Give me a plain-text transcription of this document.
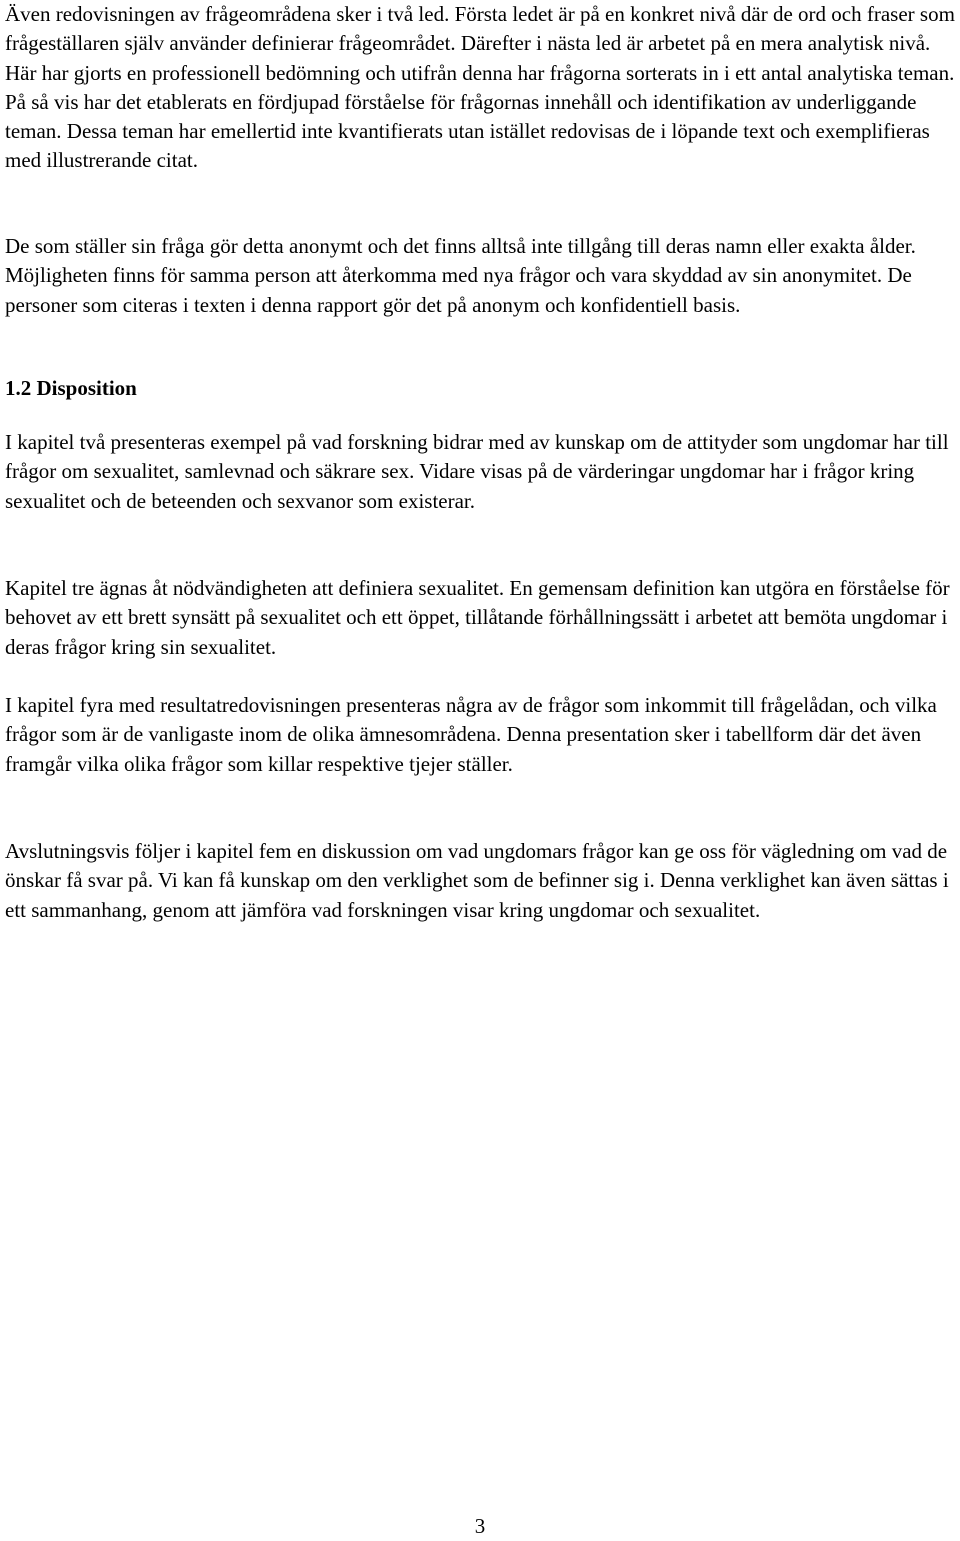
Även redovisningen av frågeområdena sker i två led. Första ledet är på en konkret nivå där de ord och fraser som frågeställaren själv använder definierar frågeområdet. Därefter i nästa led är arbetet på en mera analytisk nivå. Här har gjorts en professionell bedömning och utifrån denna har frågorna sorterats in i ett antal analytiska teman. På så vis har det etablerats en fördjupad förståelse för frågornas innehåll och identifikation av underliggande teman. Dessa teman har emellertid inte kvantifierats utan istället redovisas de i löpande text och exemplifieras med illustrerande citat.

De som ställer sin fråga gör detta anonymt och det finns alltså inte tillgång till deras namn eller exakta ålder. Möjligheten finns för samma person att återkomma med nya frågor och vara skyddad av sin anonymitet. De personer som citeras i texten i denna rapport gör det på anonym och konfidentiell basis.

1.2 Disposition

I kapitel två presenteras exempel på vad forskning bidrar med av kunskap om de attityder som ungdomar har till frågor om sexualitet, samlevnad och säkrare sex. Vidare visas på de värderingar ungdomar har i frågor kring sexualitet och de beteenden och sexvanor som existerar.

Kapitel tre ägnas åt nödvändigheten att definiera sexualitet. En gemensam definition kan utgöra en förståelse för behovet av ett brett synsätt på sexualitet och ett öppet, tillåtande förhållningssätt i arbetet att bemöta ungdomar i deras frågor kring sin sexualitet.

I kapitel fyra med resultatredovisningen presenteras några av de frågor som inkommit till frågelådan, och vilka frågor som är de vanligaste inom de olika ämnesområdena. Denna presentation sker i tabellform där det även framgår vilka olika frågor som killar respektive tjejer ställer.

Avslutningsvis följer i kapitel fem en diskussion om vad ungdomars frågor kan ge oss för vägledning om vad de önskar få svar på. Vi kan få kunskap om den verklighet som de befinner sig i. Denna verklighet kan även sättas i ett sammanhang, genom att jämföra vad forskningen visar kring ungdomar och sexualitet.

3
